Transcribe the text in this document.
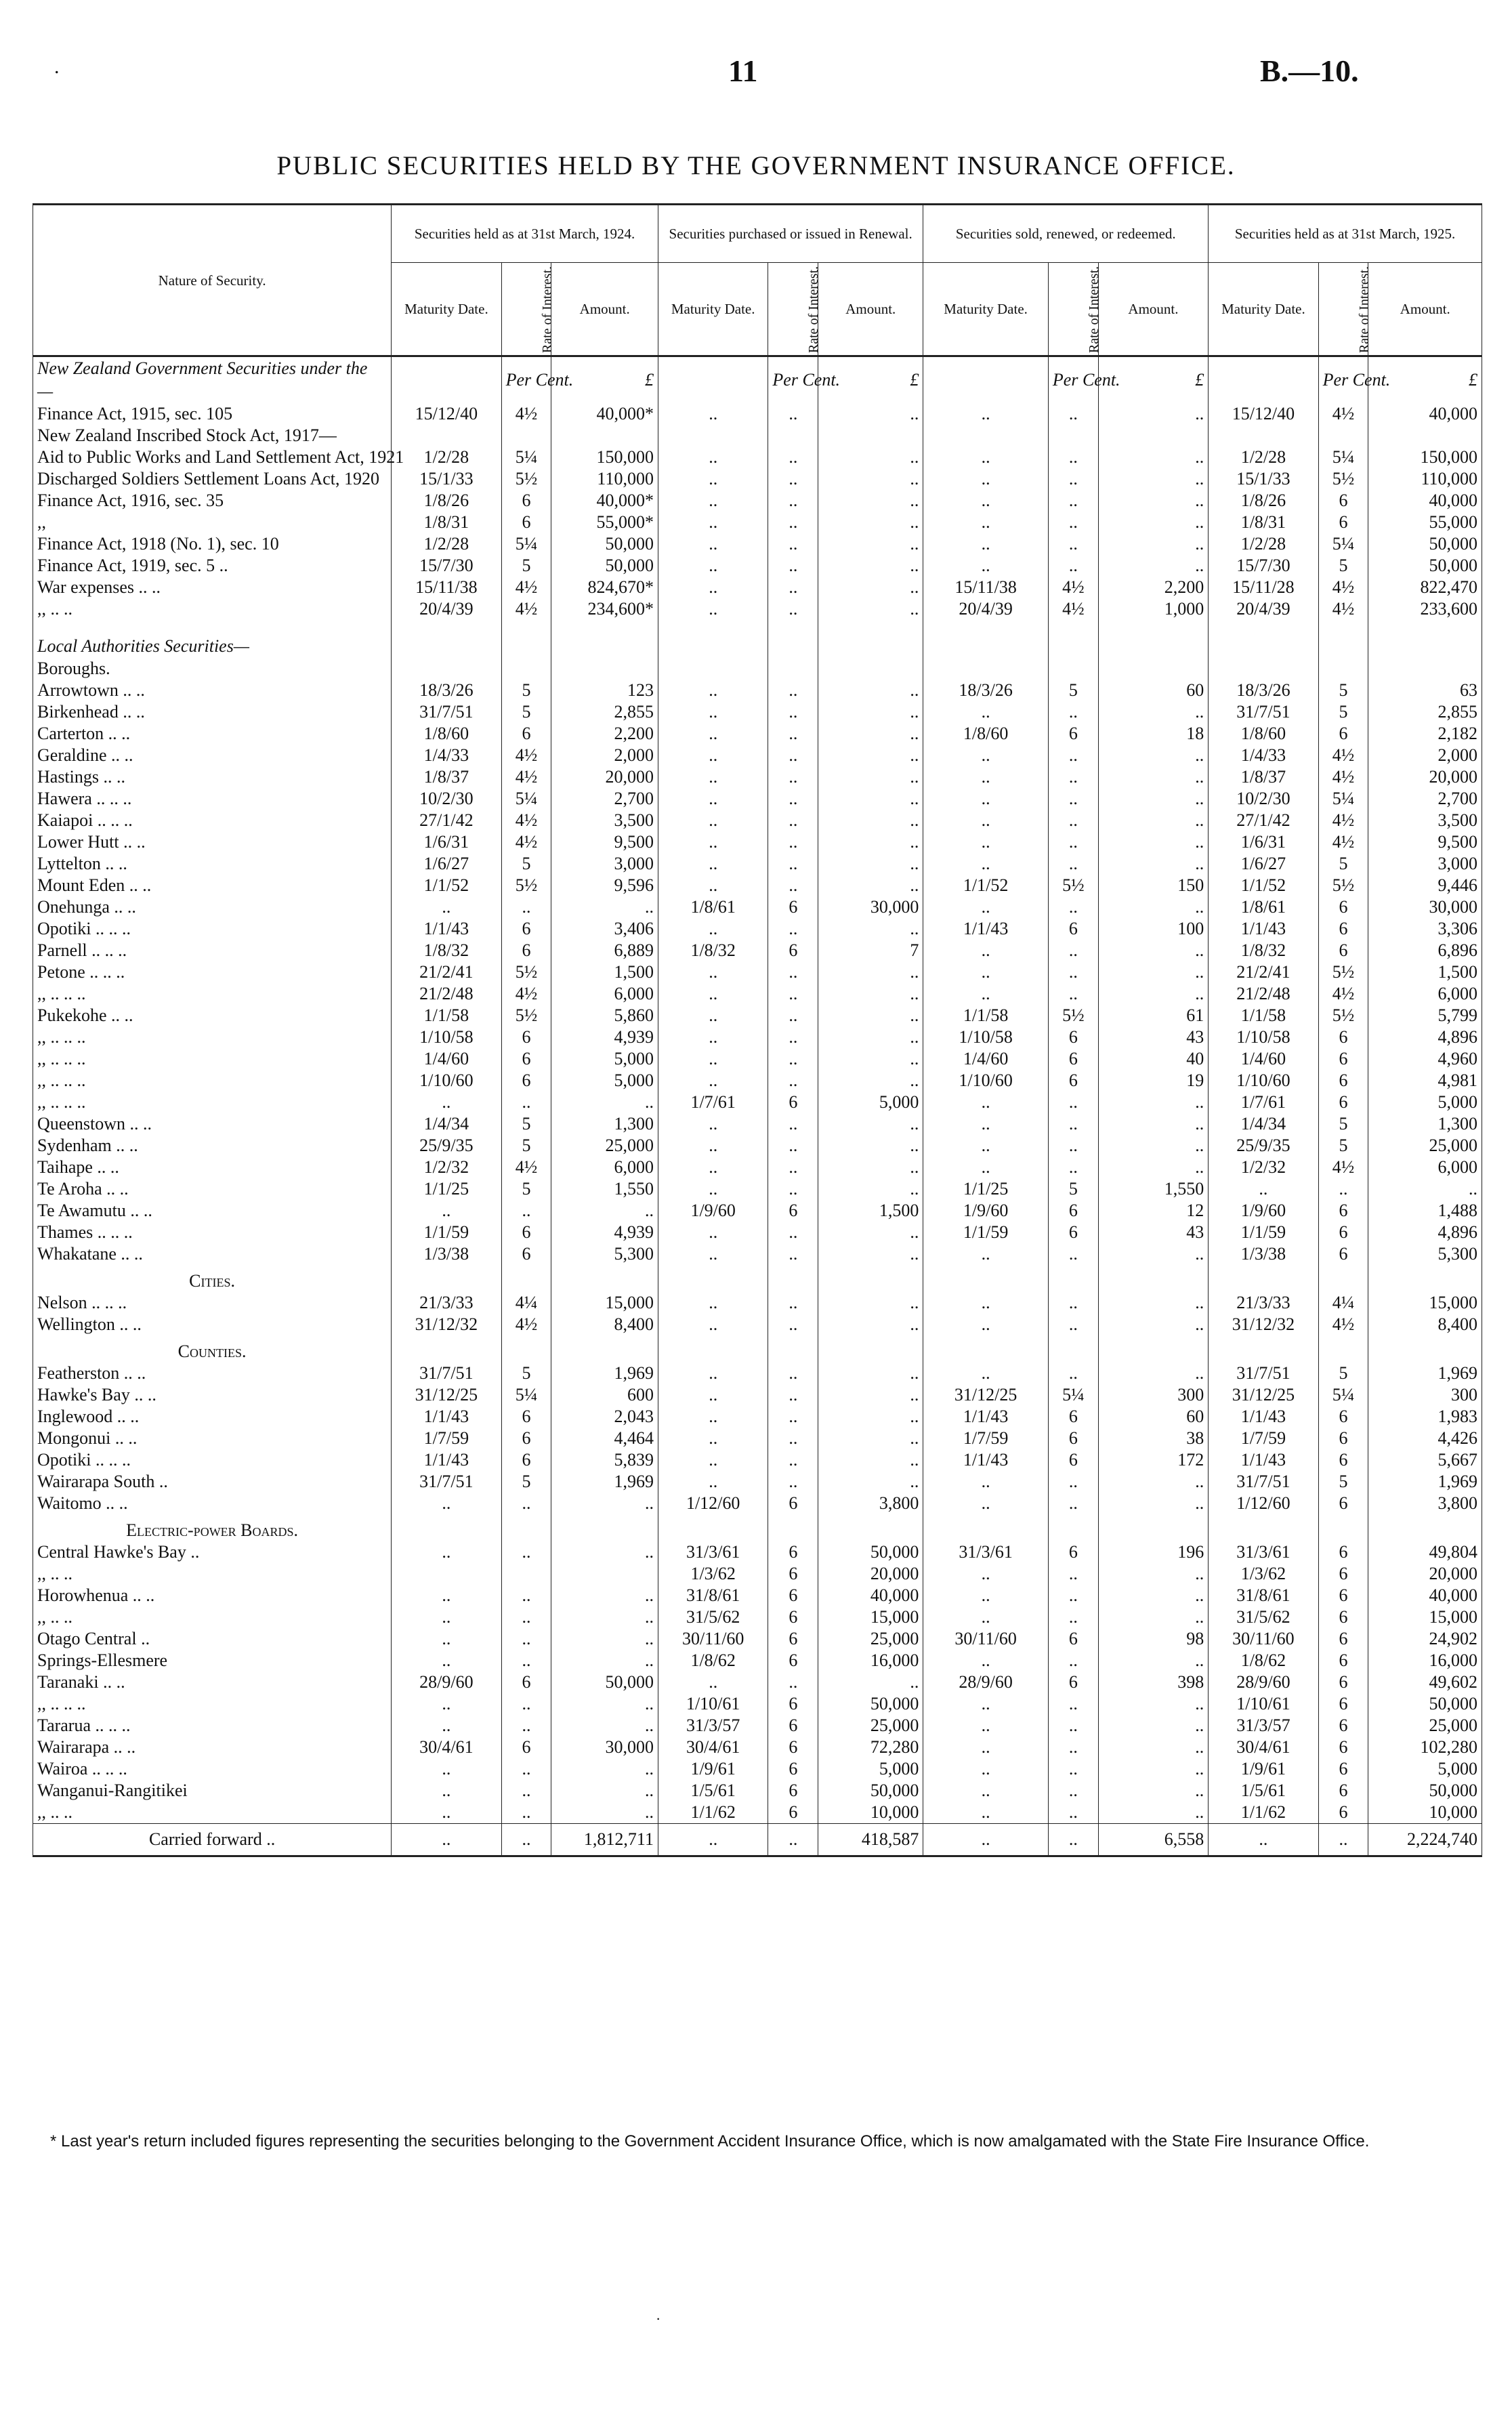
.	11	B.—10.
PUBLIC SECURITIES HELD BY THE GOVERNMENT INSURANCE OFFICE.
Nature of Security.	Securities held as at 31st March, 1924.			Securities purchased or issued in Renewal.			Securities sold, renewed, or redeemed.			Securities held as at 31st March, 1925.		
	Maturity Date.	Rate of Interest.	Amount.	Maturity Date.	Rate of Interest.	Amount.	Maturity Date.	Rate of Interest.	Amount.	Maturity Date.	Rate of Interest.	Amount.
New Zealand Government Securities under the —		Per Cent.	£		Per Cent.	£		Per Cent.	£		Per Cent.	£
Finance Act, 1915, sec. 105	15/12/40	4½	40,000*	..	..	..	..	..	..	15/12/40	4½	40,000
New Zealand Inscribed Stock Act, 1917—												
Aid to Public Works and Land Settlement Act, 1921	1/2/28	5¼	150,000	..	..	..	..	..	..	1/2/28	5¼	150,000
Discharged Soldiers Settlement Loans Act, 1920	15/1/33	5½	110,000	..	..	..	..	..	..	15/1/33	5½	110,000
Finance Act, 1916, sec. 35	1/8/26	6	40,000*	..	..	..	..	..	..	1/8/26	6	40,000
,,	1/8/31	6	55,000*	..	..	..	..	..	..	1/8/31	6	55,000
Finance Act, 1918 (No. 1), sec. 10	1/2/28	5¼	50,000	..	..	..	..	..	..	1/2/28	5¼	50,000
Finance Act, 1919, sec. 5 ..	15/7/30	5	50,000	..	..	..	..	..	..	15/7/30	5	50,000
War expenses .. ..	15/11/38	4½	824,670*	..	..	..	15/11/38	4½	2,200	15/11/28	4½	822,470
,, .. ..	20/4/39	4½	234,600*	..	..	..	20/4/39	4½	1,000	20/4/39	4½	233,600

Local Authorities Securities—												
Boroughs.												
Arrowtown .. ..	18/3/26	5	123	..	..	..	18/3/26	5	60	18/3/26	5	63
Birkenhead .. ..	31/7/51	5	2,855	..	..	..	..	..	..	31/7/51	5	2,855
Carterton .. ..	1/8/60	6	2,200	..	..	..	1/8/60	6	18	1/8/60	6	2,182
Geraldine .. ..	1/4/33	4½	2,000	..	..	..	..	..	..	1/4/33	4½	2,000
Hastings .. ..	1/8/37	4½	20,000	..	..	..	..	..	..	1/8/37	4½	20,000
Hawera .. .. ..	10/2/30	5¼	2,700	..	..	..	..	..	..	10/2/30	5¼	2,700
Kaiapoi .. .. ..	27/1/42	4½	3,500	..	..	..	..	..	..	27/1/42	4½	3,500
Lower Hutt .. ..	1/6/31	4½	9,500	..	..	..	..	..	..	1/6/31	4½	9,500
Lyttelton .. ..	1/6/27	5	3,000	..	..	..	..	..	..	1/6/27	5	3,000
Mount Eden .. ..	1/1/52	5½	9,596	..	..	..	1/1/52	5½	150	1/1/52	5½	9,446
Onehunga .. ..	..	..	..	1/8/61	6	30,000	..	..	..	1/8/61	6	30,000
Opotiki .. .. ..	1/1/43	6	3,406	..	..	..	1/1/43	6	100	1/1/43	6	3,306
Parnell .. .. ..	1/8/32	6	6,889	1/8/32	6	7	..	..	..	1/8/32	6	6,896
Petone .. .. ..	21/2/41	5½	1,500	..	..	..	..	..	..	21/2/41	5½	1,500
,, .. .. ..	21/2/48	4½	6,000	..	..	..	..	..	..	21/2/48	4½	6,000
Pukekohe .. ..	1/1/58	5½	5,860	..	..	..	1/1/58	5½	61	1/1/58	5½	5,799
,, .. .. ..	1/10/58	6	4,939	..	..	..	1/10/58	6	43	1/10/58	6	4,896
,, .. .. ..	1/4/60	6	5,000	..	..	..	1/4/60	6	40	1/4/60	6	4,960
,, .. .. ..	1/10/60	6	5,000	..	..	..	1/10/60	6	19	1/10/60	6	4,981
,, .. .. ..	..	..	..	1/7/61	6	5,000	..	..	..	1/7/61	6	5,000
Queenstown .. ..	1/4/34	5	1,300	..	..	..	..	..	..	1/4/34	5	1,300
Sydenham .. ..	25/9/35	5	25,000	..	..	..	..	..	..	25/9/35	5	25,000
Taihape .. ..	1/2/32	4½	6,000	..	..	..	..	..	..	1/2/32	4½	6,000
Te Aroha .. ..	1/1/25	5	1,550	..	..	..	1/1/25	5	1,550	..	..	..
Te Awamutu .. ..	..	..	..	1/9/60	6	1,500	1/9/60	6	12	1/9/60	6	1,488
Thames .. .. ..	1/1/59	6	4,939	..	..	..	1/1/59	6	43	1/1/59	6	4,896
Whakatane .. ..	1/3/38	6	5,300	..	..	..	..	..	..	1/3/38	6	5,300
Cities.												
Nelson .. .. ..	21/3/33	4¼	15,000	..	..	..	..	..	..	21/3/33	4¼	15,000
Wellington .. ..	31/12/32	4½	8,400	..	..	..	..	..	..	31/12/32	4½	8,400
Counties.												
Featherston .. ..	31/7/51	5	1,969	..	..	..	..	..	..	31/7/51	5	1,969
Hawke's Bay .. ..	31/12/25	5¼	600	..	..	..	31/12/25	5¼	300	31/12/25	5¼	300
Inglewood .. ..	1/1/43	6	2,043	..	..	..	1/1/43	6	60	1/1/43	6	1,983
Mongonui .. ..	1/7/59	6	4,464	..	..	..	1/7/59	6	38	1/7/59	6	4,426
Opotiki .. .. ..	1/1/43	6	5,839	..	..	..	1/1/43	6	172	1/1/43	6	5,667
Wairarapa South ..	31/7/51	5	1,969	..	..	..	..	..	..	31/7/51	5	1,969
Waitomo .. ..	..	..	..	1/12/60	6	3,800	..	..	..	1/12/60	6	3,800
Electric-power Boards.												
Central Hawke's Bay ..	..	..	..	31/3/61	6	50,000	31/3/61	6	196	31/3/61	6	49,804
,, .. ..				1/3/62	6	20,000	..	..	..	1/3/62	6	20,000
Horowhenua .. ..	..	..	..	31/8/61	6	40,000	..	..	..	31/8/61	6	40,000
,, .. ..	..	..	..	31/5/62	6	15,000	..	..	..	31/5/62	6	15,000
Otago Central ..	..	..	..	30/11/60	6	25,000	30/11/60	6	98	30/11/60	6	24,902
Springs-Ellesmere	..	..	..	1/8/62	6	16,000	..	..	..	1/8/62	6	16,000
Taranaki .. ..	28/9/60	6	50,000	..	..	..	28/9/60	6	398	28/9/60	6	49,602
,, .. .. ..	..	..	..	1/10/61	6	50,000	..	..	..	1/10/61	6	50,000
Tararua .. .. ..	..	..	..	31/3/57	6	25,000	..	..	..	31/3/57	6	25,000
Wairarapa .. ..	30/4/61	6	30,000	30/4/61	6	72,280	..	..	..	30/4/61	6	102,280
Wairoa .. .. ..	..	..	..	1/9/61	6	5,000	..	..	..	1/9/61	6	5,000
Wanganui-Rangitikei	..	..	..	1/5/61	6	50,000	..	..	..	1/5/61	6	50,000
,, .. ..	..	..	..	1/1/62	6	10,000	..	..	..	1/1/62	6	10,000
Carried forward ..	..	..	1,812,711	..	..	418,587	..	..	6,558	..	..	2,224,740
* Last year's return included figures representing the securities belonging to the Government Accident Insurance Office, which is now amalgamated with the State Fire Insurance Office.
·
